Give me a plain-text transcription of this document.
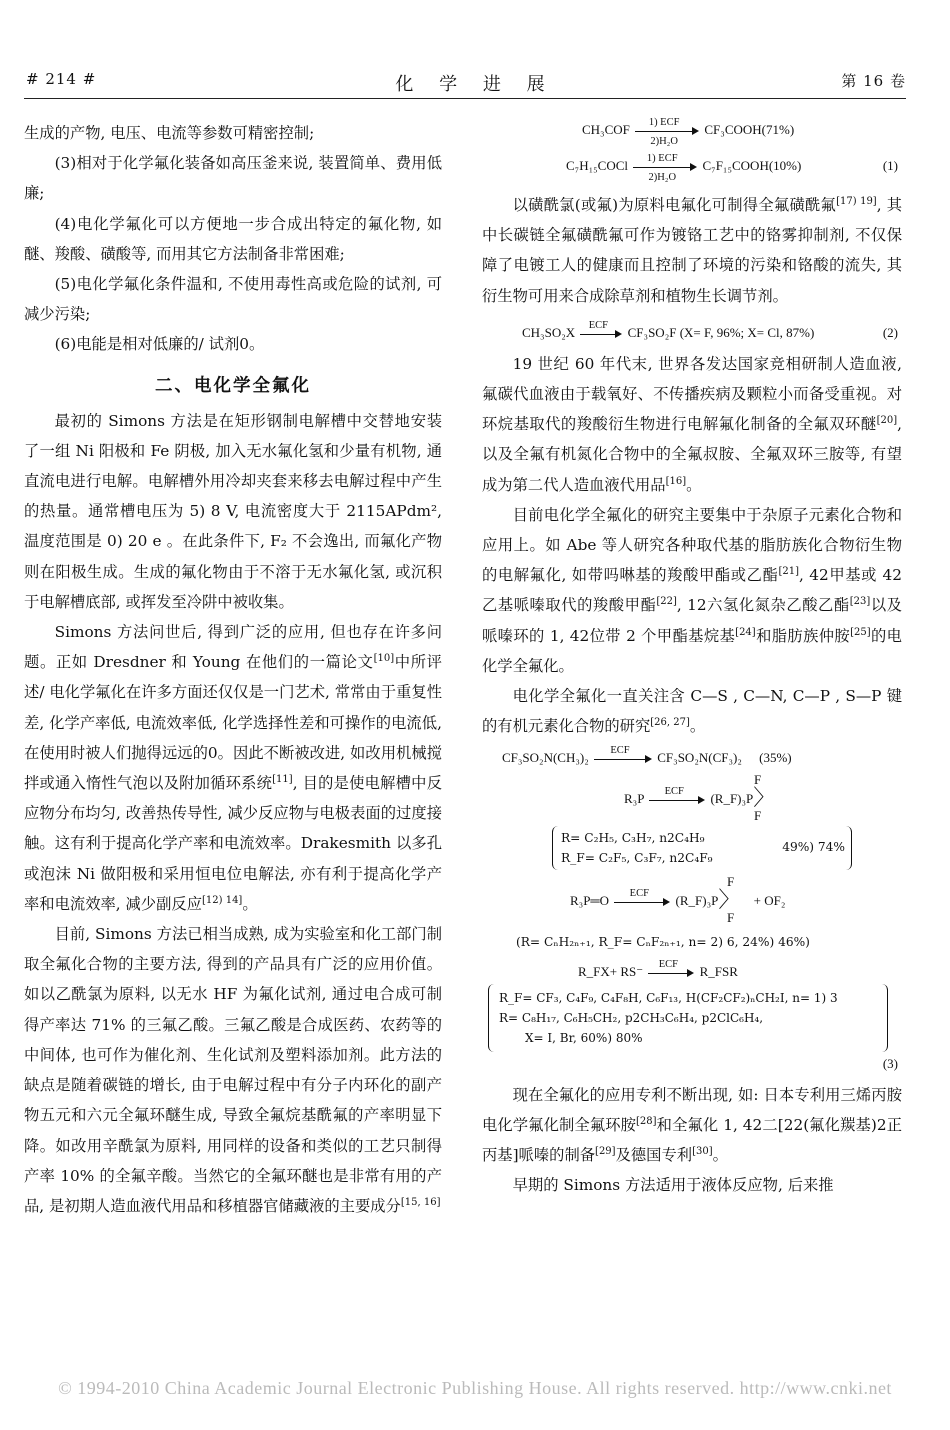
# 214 #	化 学 进 展	第 16 卷

生成的产物, 电压、电流等参数可精密控制;

(3)相对于化学氟化装备如高压釜来说, 装置简单、费用低廉;

(4)电化学氟化可以方便地一步合成出特定的氟化物, 如醚、羧酸、磺酸等, 而用其它方法制备非常困难;

(5)电化学氟化条件温和, 不使用毒性高或危险的试剂, 可减少污染;

(6)电能是相对低廉的/ 试剂0。

二、电化学全氟化

最初的 Simons 方法是在矩形钢制电解槽中交替地安装了一组 Ni 阳极和 Fe 阴极, 加入无水氟化氢和少量有机物, 通直流电进行电解。电解槽外用冷却夹套来移去电解过程中产生的热量。通常槽电压为 5) 8 V, 电流密度大于 2115APdm², 温度范围是 0) 20 e 。在此条件下, F₂ 不会逸出, 而氟化产物则在阳极生成。生成的氟化物由于不溶于无水氟化氢, 或沉积于电解槽底部, 或挥发至冷阱中被收集。

Simons 方法问世后, 得到广泛的应用, 但也存在许多问题。正如 Dresdner 和 Young 在他们的一篇论文[10]中所评述/ 电化学氟化在许多方面还仅仅是一门艺术, 常常由于重复性差, 化学产率低, 电流效率低, 化学选择性差和可操作的电流低, 在使用时被人们抛得远远的0。因此不断被改进, 如改用机械搅拌或通入惰性气泡以及附加循环系统[11], 目的是使电解槽中反应物分布均匀, 改善热传导性, 减少反应物与电极表面的过度接触。这有利于提高化学产率和电流效率。Drakesmith 以多孔或泡沫 Ni 做阳极和采用恒电位电解法, 亦有利于提高化学产率和电流效率, 减少副反应[12) 14]。

目前, Simons 方法已相当成熟, 成为实验室和化工部门制取全氟化合物的主要方法, 得到的产品具有广泛的应用价值。如以乙酰氯为原料, 以无水 HF 为氟化试剂, 通过电合成可制得产率达 71% 的三氟乙酸。三氟乙酸是合成医药、农药等的中间体, 也可作为催化剂、生化试剂及塑料添加剂。此方法的缺点是随着碳链的增长, 由于电解过程中有分子内环化的副产物五元和六元全氟环醚生成, 导致全氟烷基酰氟的产率明显下降。如改用辛酰氯为原料, 用同样的设备和类似的工艺只制得产率 10% 的全氟辛酸。当然它的全氟环醚也是非常有用的产品, 是初期人造血液代用品和移植器官储藏液的主要成分[15, 16]

CH₃COF	1) ECF
2)H₂O
CF₃COOH(71%)
C₇H₁₅COCl	1) ECF
2)H₂O
C₇F₁₅COOH(10%)	(1)

以磺酰氯(或氟)为原料电氟化可制得全氟磺酰氟[17) 19], 其中长碳链全氟磺酰氟可作为镀铬工艺中的铬雾抑制剂, 不仅保障了电镀工人的健康而且控制了环境的污染和铬酸的流失, 其衍生物可用来合成除草剂和植物生长调节剂。

CH₃SO₂X	ECF	CF₃SO₂F (X= F, 96%; X= Cl, 87%)	(2)

19 世纪 60 年代末, 世界各发达国家竞相研制人造血液, 氟碳代血液由于载氧好、不传播疾病及颗粒小而备受重视。对环烷基取代的羧酸衍生物进行电解氟化制备的全氟双环醚[20], 以及全氟有机氮化合物中的全氟叔胺、全氟双环三胺等, 有望成为第二代人造血液代用品[16]。

目前电化学全氟化的研究主要集中于杂原子元素化合物和应用上。如 Abe 等人研究各种取代基的脂肪族化合物衍生物的电解氟化, 如带吗啉基的羧酸甲酯或乙酯[21], 42甲基或 42乙基哌嗪取代的羧酸甲酯[22], 12六氢化氮杂乙酸乙酯[23]以及哌嗪环的 1, 42位带 2 个甲酯基烷基[24]和脂肪族仲胺[25]的电化学全氟化。

电化学全氟化一直关注含 C—S , C—N, C—P , S—P 键的有机元素化合物的研究[26, 27]。

CF₃SO₂N(CH₃)₂	ECF	CF₃SO₂N(CF₃)₂ (35%)
R₃P	ECF	(R_F)₃P〉
F
F
R= C₂H₅, C₃H₇, n2C₄H₉
R_F= C₂F₅, C₃F₇, n2C₄F₉
49%) 74%
R₃P═O	ECF	(R_F)₃P〉 + OF₂
F
F
(R= CₙH₂ₙ₊₁, R_F= CₙF₂ₙ₊₁, n= 2) 6, 24%) 46%)
R_FX+ RS⁻	ECF	R_FSR
R_F= CF₃, C₄F₉, C₄F₈H, C₆F₁₃, H(CF₂CF₂)ₙCH₂I, n= 1) 3
R= C₈H₁₇, C₆H₅CH₂, p2CH₃C₆H₄, p2ClC₆H₄,
X= I, Br, 60%) 80%
(3)

现在全氟化的应用专利不断出现, 如: 日本专利用三烯丙胺电化学氟化制全氟环胺[28]和全氟化 1, 42二[22(氟化羰基)2正丙基]哌嗪的制备[29]及德国专利[30]。

早期的 Simons 方法适用于液体反应物, 后来推

© 1994-2010 China Academic Journal Electronic Publishing House. All rights reserved. http://www.cnki.net
